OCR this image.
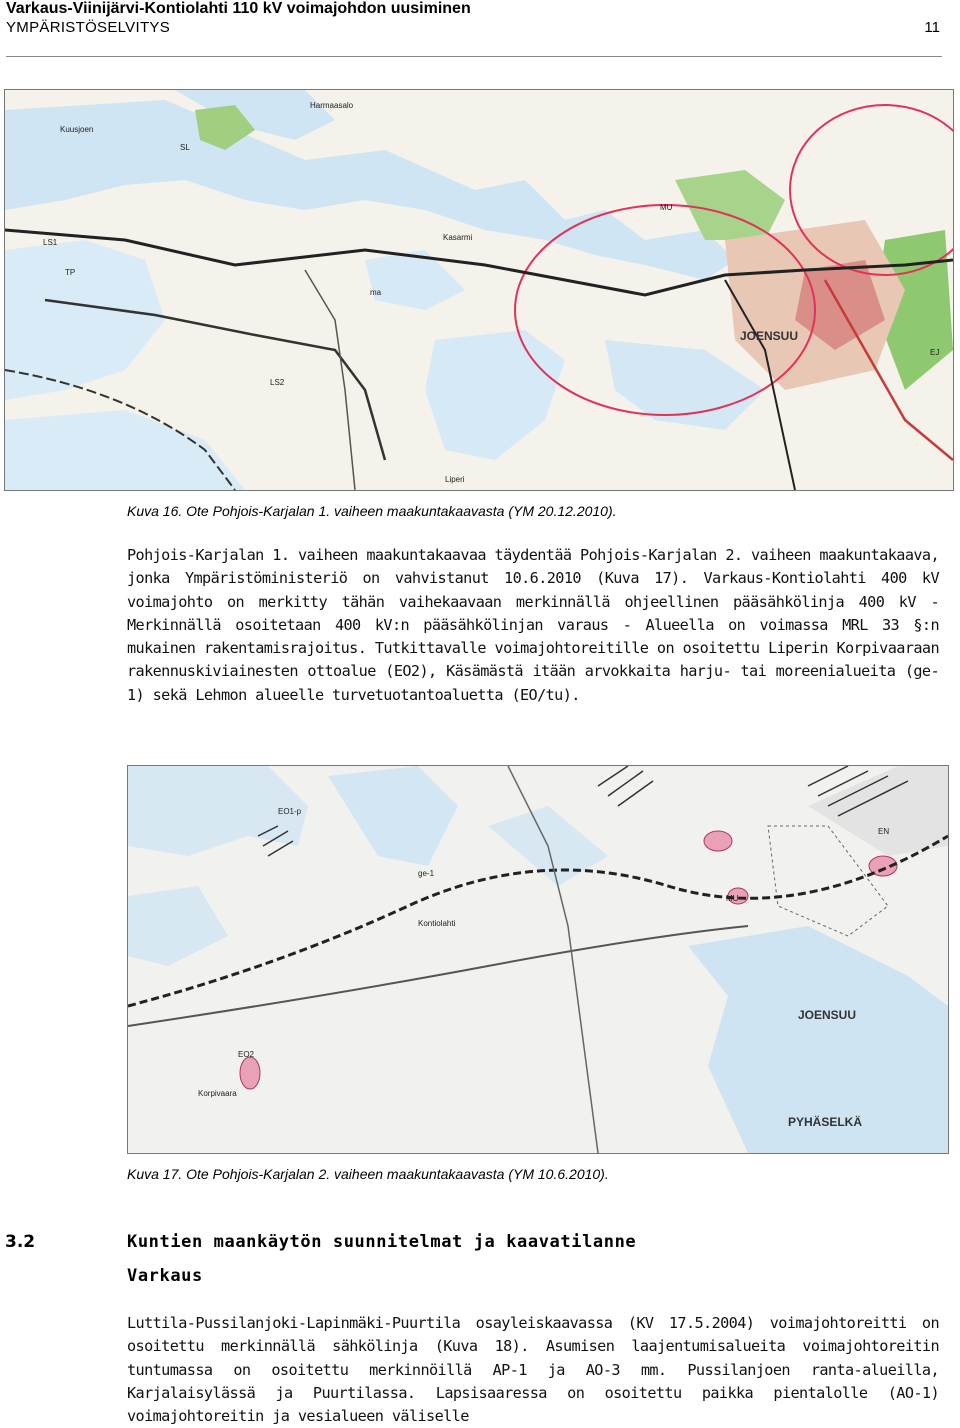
Varkaus-Viinijärvi-Kontiolahti 110 kV voimajohdon uusiminen
YMPÄRISTÖSELVITYS	11
Harmaasalo
Kuusjoen
Kasarmi
JOENSUU
Liperi
SL
ma
LS1
LS2
TP
MU
EJ
Kuva 16. Ote Pohjois-Karjalan 1. vaiheen maakuntakaavasta (YM 20.12.2010).
Pohjois-Karjalan 1. vaiheen maakuntakaavaa täydentää Pohjois-Karjalan 2. vaiheen maakuntakaava, jonka Ympäristöministeriö on vahvistanut 10.6.2010 (Kuva 17). Varkaus-Kontiolahti 400 kV voimajohto on merkitty tähän vaihekaavaan merkinnällä ohjeellinen pääsähkölinja 400 kV - Merkinnällä osoitetaan 400 kV:n pääsähkölinjan varaus - Alueella on voimassa MRL 33 §:n mukainen rakentamisrajoitus. Tutkittavalle voimajohtoreitille on osoitettu Liperin Korpivaaraan rakennuskiviainesten ottoalue (EO2), Käsämästä itään arvokkaita harju- tai moreenialueita (ge-1) sekä Lehmon alueelle turvetuotantoaluetta (EO/tu).
EO1-p
EO2
ge-1
MU
EN
JOENSUU
PYHÄSELKÄ
Korpivaara
Kontiolahti
Kuva 17. Ote Pohjois-Karjalan 2. vaiheen maakuntakaavasta (YM 10.6.2010).
3.2	Kuntien maankäytön suunnitelmat ja kaavatilanne
Varkaus
Luttila-Pussilanjoki-Lapinmäki-Puurtila osayleiskaavassa (KV 17.5.2004) voimajohtoreitti on osoitettu merkinnällä sähkölinja (Kuva 18). Asumisen laajentumisalueita voimajohtoreitin tuntumassa on osoitettu merkinnöillä AP-1 ja AO-3 mm. Pussilanjoen ranta-alueilla, Karjalaisylässä ja Puurtilassa. Lapsisaaressa on osoitettu paikka pientalolle (AO-1) voimajohtoreitin ja vesialueen väliselle
